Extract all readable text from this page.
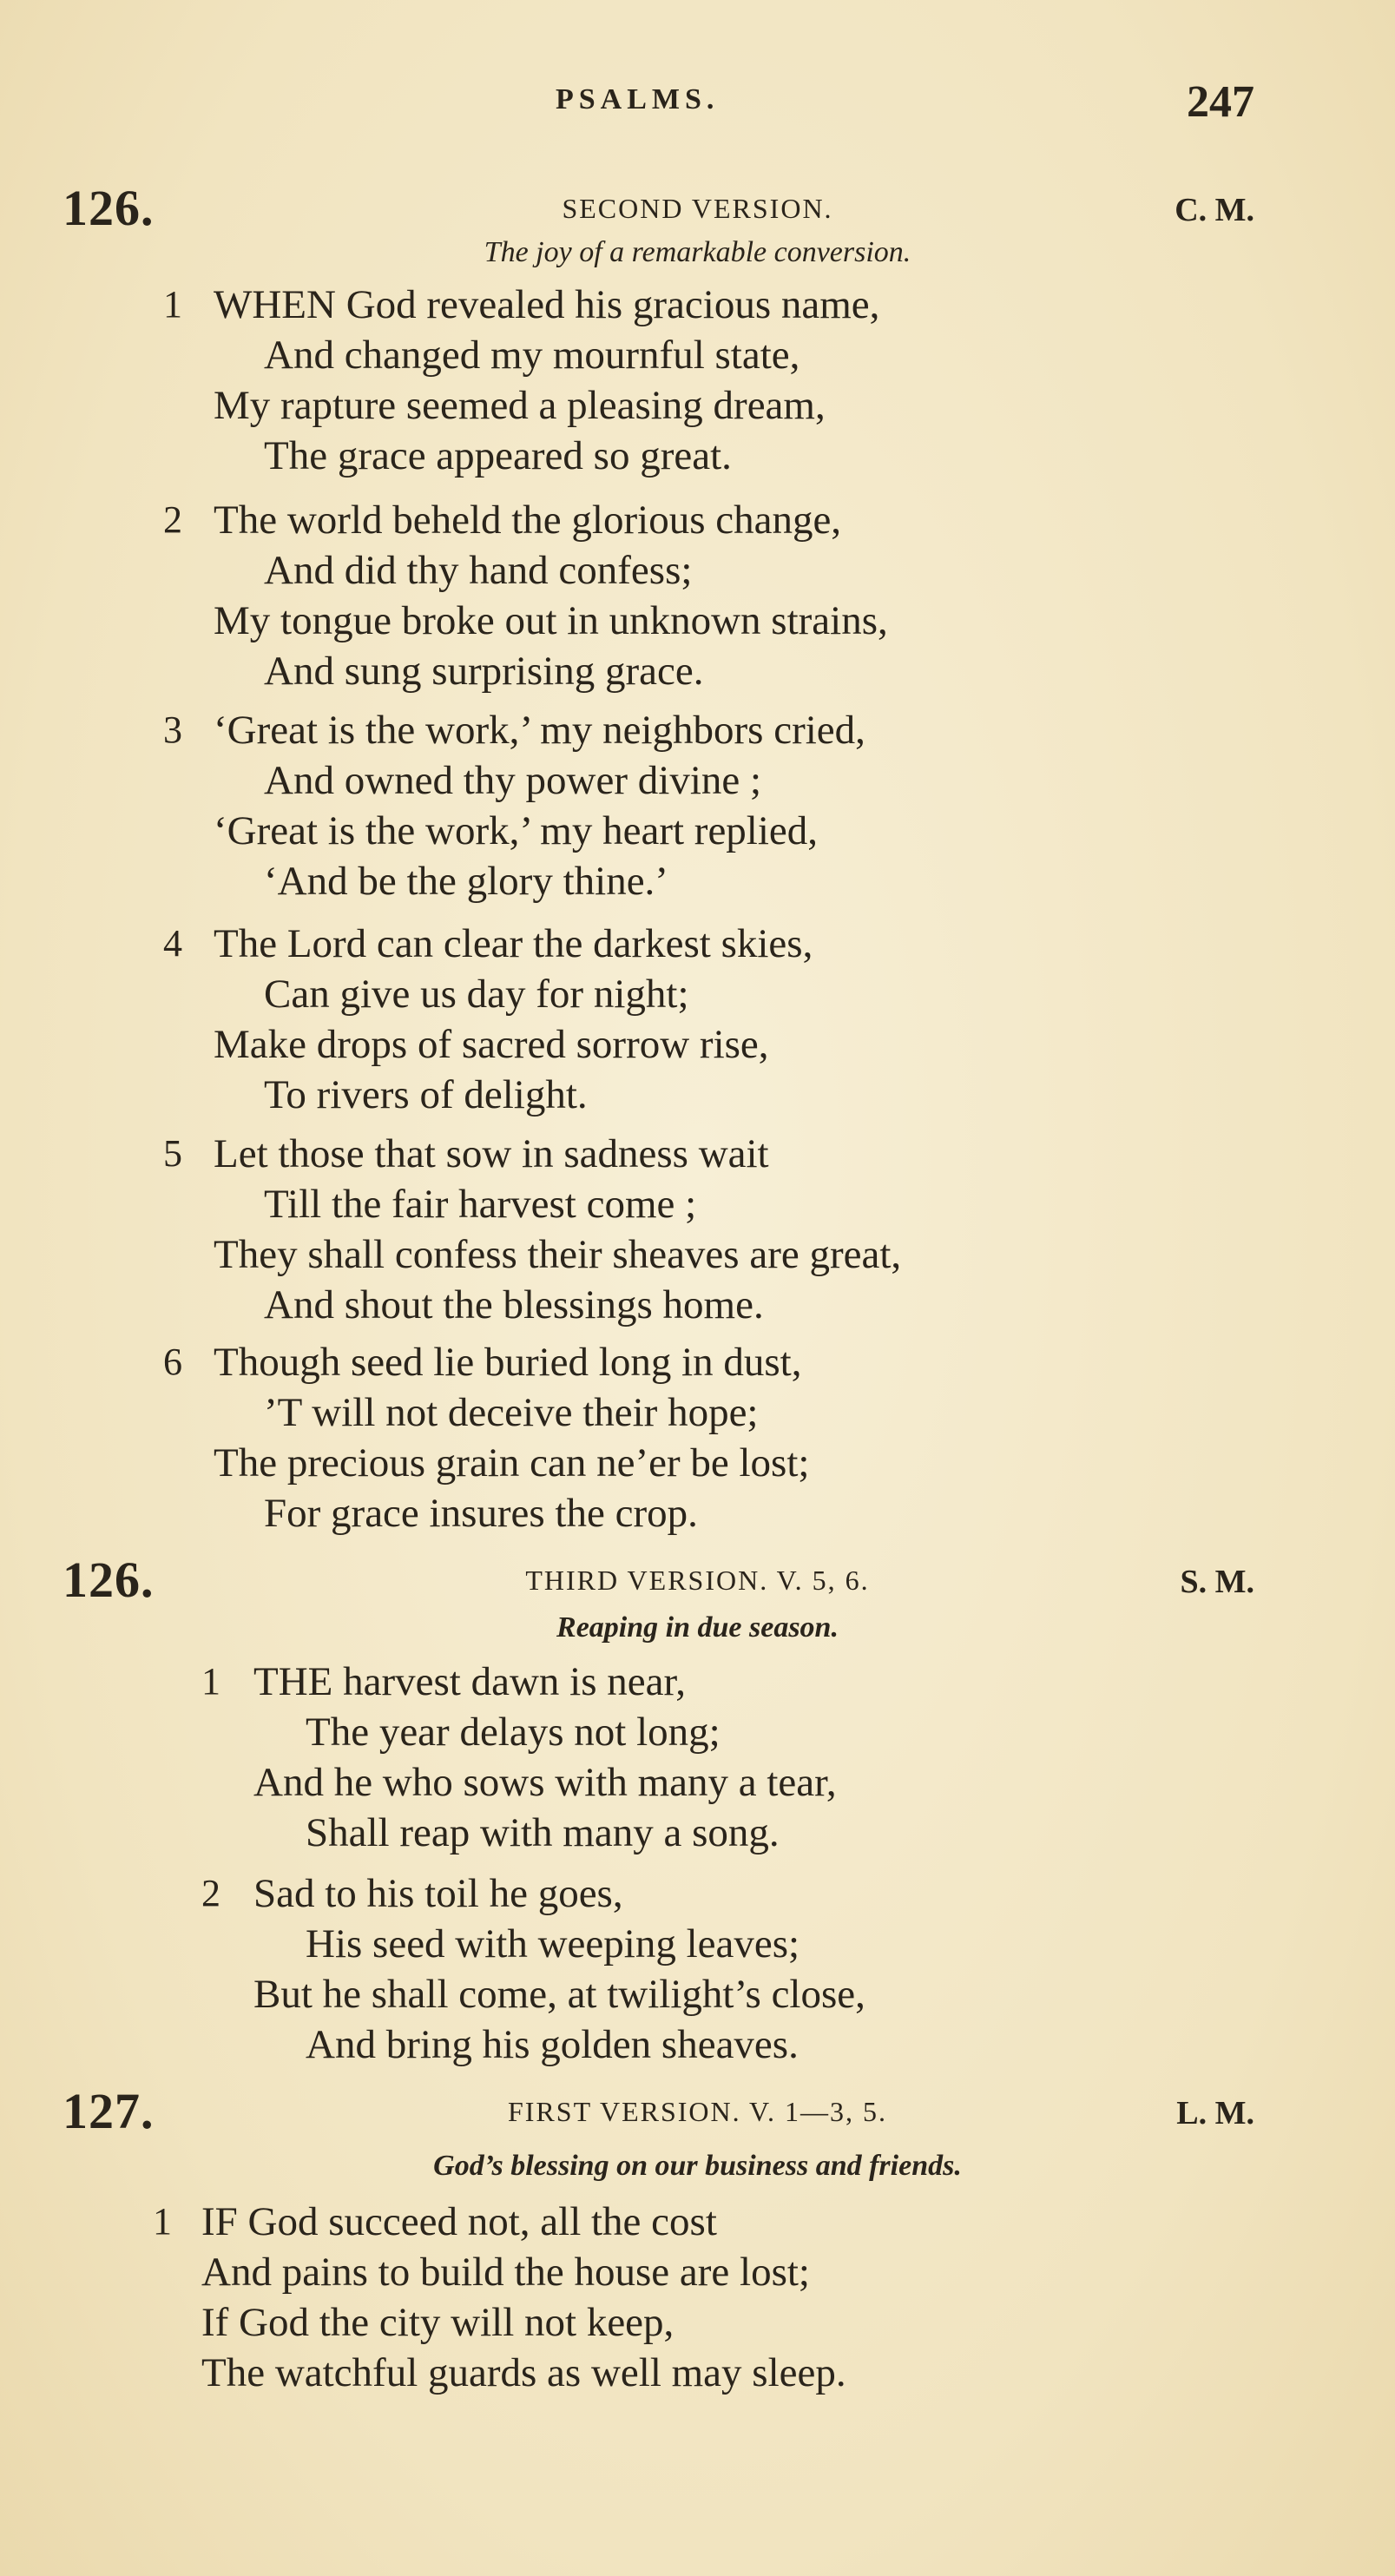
PSALMS.	247
126.	SECOND VERSION.	C. M.
The joy of a remarkable conversion.
1 WHEN God revealed his gracious name,
And changed my mournful state,
My rapture seemed a pleasing dream,
The grace appeared so great.
2 The world beheld the glorious change,
And did thy hand confess;
My tongue broke out in unknown strains,
And sung surprising grace.
3 ‘Great is the work,’ my neighbors cried,
And owned thy power divine ;
‘Great is the work,’ my heart replied,
‘And be the glory thine.’
4 The Lord can clear the darkest skies,
Can give us day for night;
Make drops of sacred sorrow rise,
To rivers of delight.
5 Let those that sow in sadness wait
Till the fair harvest come ;
They shall confess their sheaves are great,
And shout the blessings home.
6 Though seed lie buried long in dust,
’T will not deceive their hope;
The precious grain can ne’er be lost;
For grace insures the crop.
126.	THIRD VERSION. V. 5, 6.	S. M.
Reaping in due season.
1 THE harvest dawn is near,
The year delays not long;
And he who sows with many a tear,
Shall reap with many a song.
2 Sad to his toil he goes,
His seed with weeping leaves;
But he shall come, at twilight’s close,
And bring his golden sheaves.
127.	FIRST VERSION. V. 1—3, 5.	L. M.
God’s blessing on our business and friends.
1 IF God succeed not, all the cost
And pains to build the house are lost;
If God the city will not keep,
The watchful guards as well may sleep.
